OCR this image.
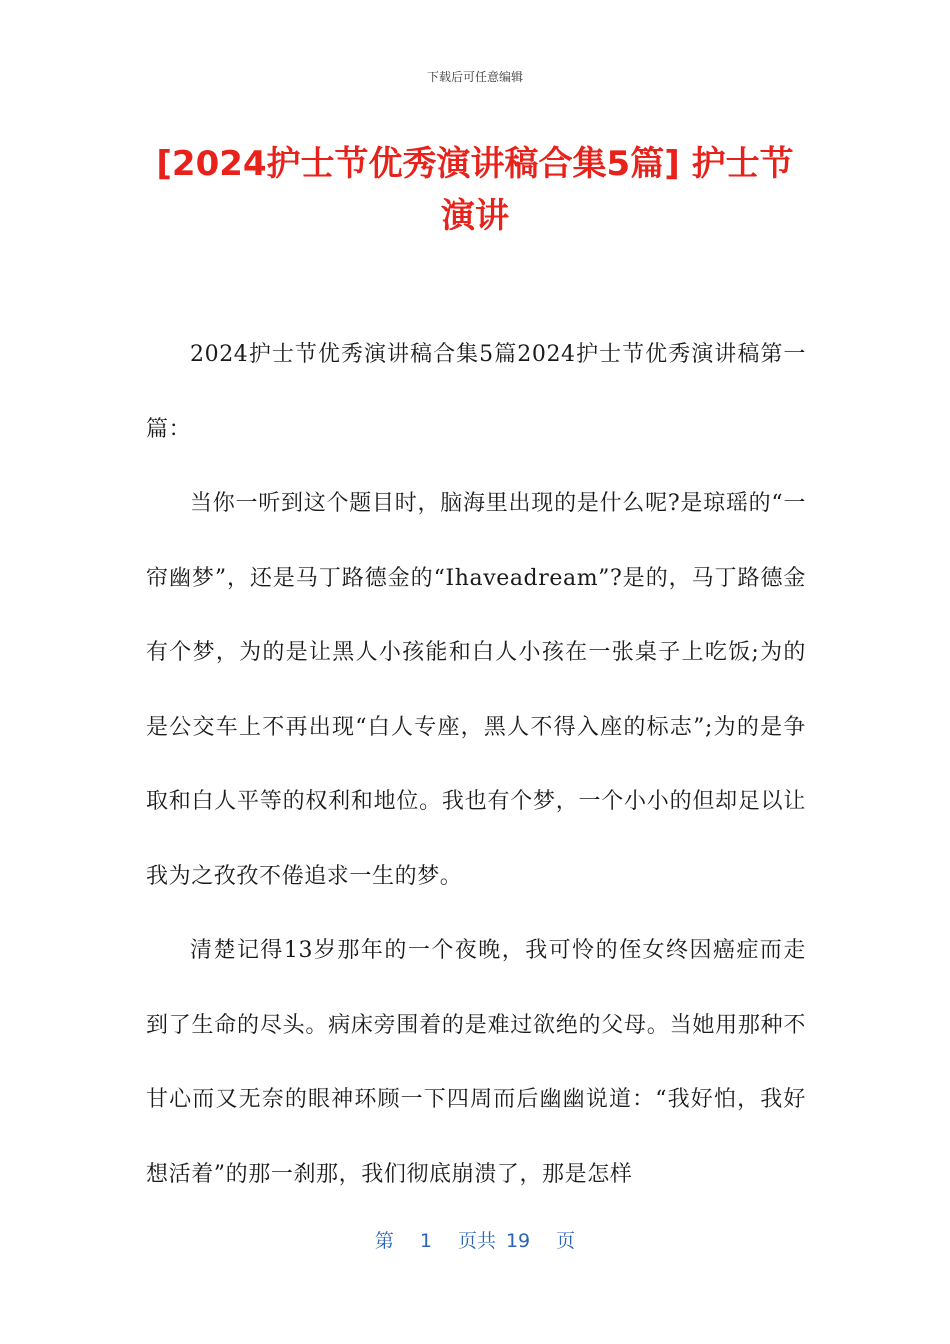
下载后可任意编辑
[2024护士节优秀演讲稿合集5篇] 护士节演讲

2024护士节优秀演讲稿合集5篇2024护士节优秀演讲稿第一篇：

当你一听到这个题目时，脑海里出现的是什么呢?是琼瑶的“一帘幽梦”，还是马丁路德金的“Ihaveadream”?是的，马丁路德金有个梦，为的是让黑人小孩能和白人小孩在一张桌子上吃饭;为的是公交车上不再出现“白人专座，黑人不得入座的标志”;为的是争取和白人平等的权利和地位。我也有个梦，一个小小的但却足以让我为之孜孜不倦追求一生的梦。

清楚记得13岁那年的一个夜晚，我可怜的侄女终因癌症而走到了生命的尽头。病床旁围着的是难过欲绝的父母。当她用那种不甘心而又无奈的眼神环顾一下四周而后幽幽说道：“我好怕，我好想活着”的那一刹那，我们彻底崩溃了，那是怎样

第 1 页共 19 页
